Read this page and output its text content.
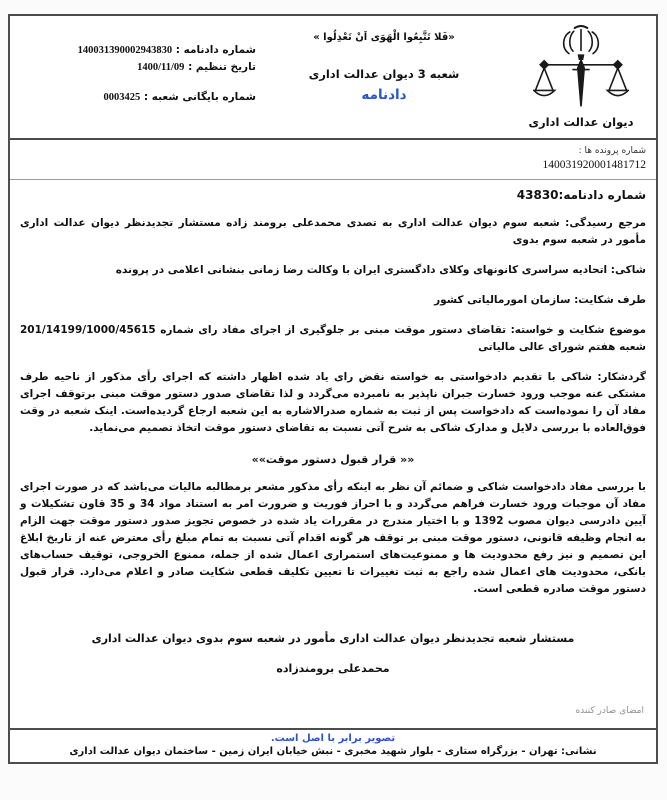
دیوان عدالت اداری
«فَلا تَتَّبِعُوا الْهَوَی اَنْ تَعْدِلُوا »
شعبه 3 دیوان عدالت اداری
دادنامه
شماره دادنامه : 140031390002943830
تاریخ تنظیم : 1400/11/09
شماره بایگانی شعبه : 0003425
شماره پرونده ها :
140031920001481712
شماره دادنامه:43830

مرجع رسیدگی: شعبه سوم دیوان عدالت اداری به تصدی محمدعلی برومند زاده مستشار تجدیدنظر دیوان عدالت اداری مأمور در شعبه سوم بدوی

شاکی: اتحادیه سراسری کانونهای وکلای دادگستری ایران با وکالت رضا زمانی بنشانی اعلامی در پرونده

طرف شکایت: سازمان امورمالیاتی کشور

موضوع شکایت و خواسته: تقاضای دستور موقت مبنی بر جلوگیری از اجرای مفاد رای شماره 201/14199/1000/45615 شعبه هفتم شورای عالی مالیاتی

گردشکار: شاکی با تقدیم دادخواستی به خواسته نقض رای یاد شده اظهار داشته که اجرای رأی مذکور از ناحیه طرف مشتکی عنه موجب ورود خسارت جبران ناپذیر به نامبرده می‌گردد و لذا تقاضای صدور دستور موقت مبنی برتوقف اجرای مفاد آن را نموده‌است که دادخواست پس از ثبت به شماره صدرالاشاره به این شعبه ارجاع گردیده‌است. اینک شعبه در وقت فوق‌العاده با بررسی دلایل و مدارک شاکی به شرح آتی نسبت به تقاضای دستور موقت اتخاذ تصمیم می‌نماید.

«« قرار قبول دستور موقت»»

با بررسی مفاد دادخواست شاکی و ضمائم آن نظر به اینکه رأی مذکور مشعر برمطالبه مالیات می‌باشد که در صورت اجرای مفاد آن موجبات ورود خسارت فراهم می‌گردد و با احراز فوریت و ضرورت امر به استناد مواد 34 و 35 قاون تشکیلات و آیین دادرسی دیوان مصوب 1392 و با اختیار مندرج در مقررات یاد شده در خصوص تجویز صدور دستور موقت جهت الزام به انجام وظیفه قانونی، دستور موقت مبنی بر توقف هر گونه اقدام آتی نسبت به تمام مبلغ رأی معترض عنه از تاریخ ابلاغ این تصمیم و نیز رفع محدودیت ها و ممنوعیت‌های استمراری اعمال شده از جمله، ممنوع الخروجی، توقیف حساب‌های بانکی، محدودیت های اعمال شده راجع به ثبت تغییرات تا تعیین تکلیف قطعی شکایت صادر و اعلام می‌دارد. قرار قبول دستور موقت صادره قطعی است.

مستشار شعبه تجدیدنظر دیوان عدالت اداری مأمور در شعبه سوم بدوی دیوان عدالت اداری
محمدعلی برومندزاده
امضای صادر کننده
تصویر برابر با اصل است.
نشانی: تهران - بزرگراه ستاری - بلوار شهید مخبری - نبش خیابان ایران زمین - ساختمان دیوان عدالت اداری
